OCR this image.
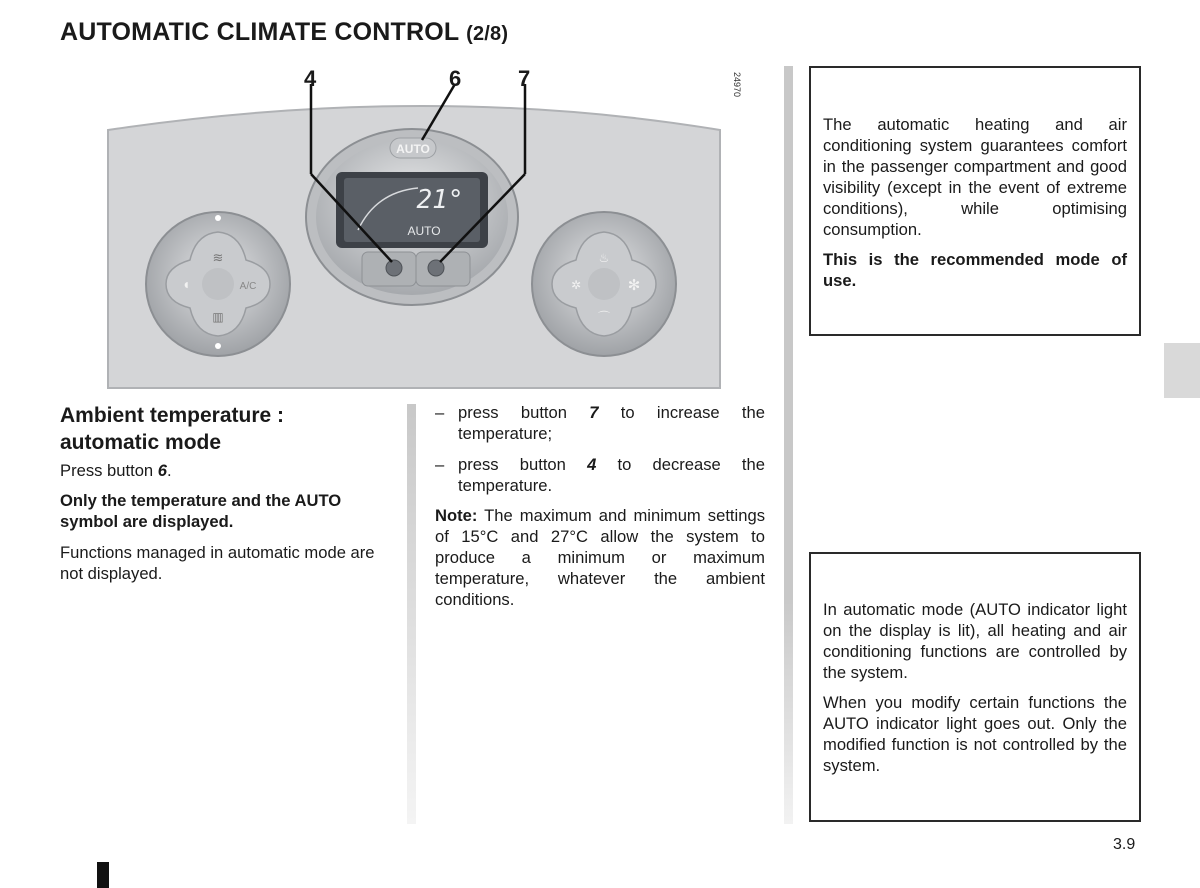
AUTOMATIC CLIMATE CONTROL (2/8)
≋
◖	A/C
▥
♨
✲	✻
⌒
AUTO
21°
AUTO
4	6	7	24970
Ambient temperature :
automatic mode
Press button 6.
Only the temperature and the AUTO symbol are displayed.
Functions managed in automatic mode are not displayed.
– press button 7 to increase the temperature;
– press button 4 to decrease the temperature.
Note: The maximum and minimum settings of 15°C and 27°C allow the system to produce a minimum or maximum temperature, whatever the ambient conditions.

The automatic heating and air conditioning system guarantees comfort in the passenger compartment and good visibility (except in the event of extreme conditions), while optimising consumption.

This is the recommended mode of use.

In automatic mode (AUTO indicator light on the display is lit), all heating and air conditioning functions are controlled by the system.

When you modify certain functions the AUTO indicator light goes out. Only the modified function is not controlled by the system.

3.9
